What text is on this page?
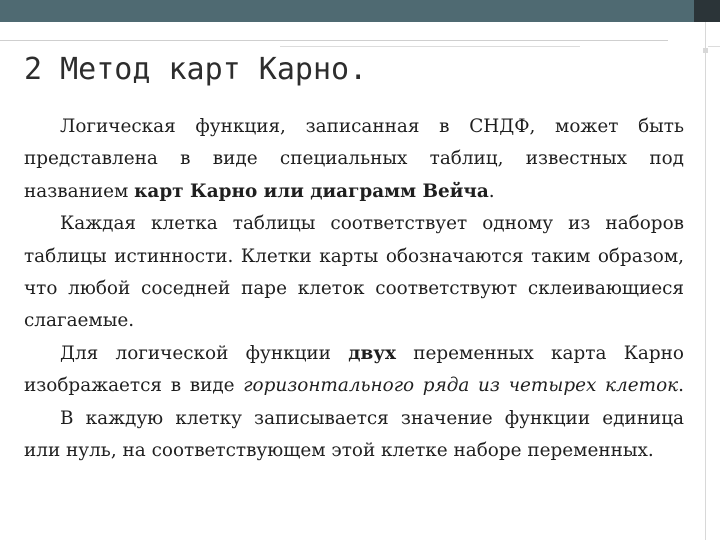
2 Метод карт Карно.

Логическая функция, записанная в СНДФ, может быть представлена в виде специальных таблиц, известных под названием карт Карно или диаграмм Вейча.

Каждая клетка таблицы соответствует одному из наборов таблицы истинности. Клетки карты обозначаются таким образом, что любой соседней паре клеток соответствуют склеивающиеся слагаемые.

Для логической функции двух переменных карта Карно изображается в виде горизонтального ряда из четырех клеток.

В каждую клетку записывается значение функции единица или нуль, на соответствующем этой клетке наборе переменных.
